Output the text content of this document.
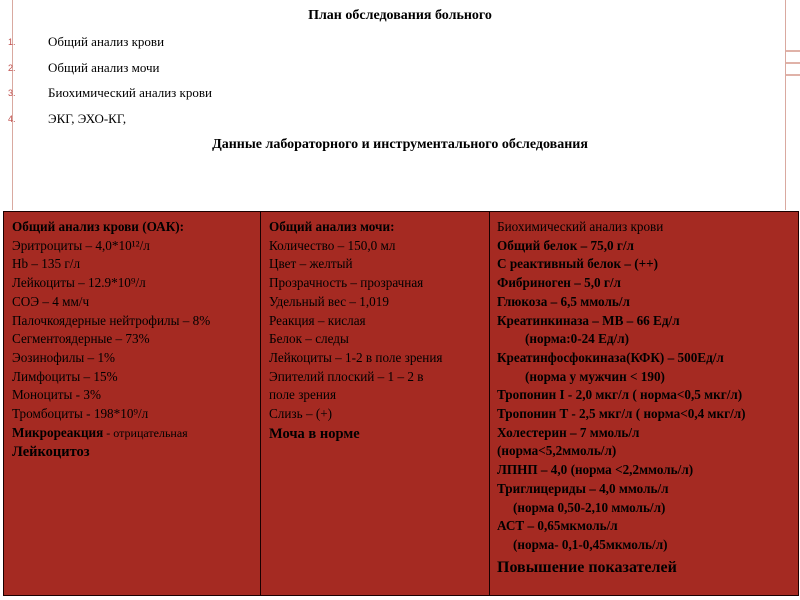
План обследования больного
1. Общий анализ крови
2. Общий анализ мочи
3. Биохимический анализ крови
4. ЭКГ, ЭХО-КГ,
Данные лабораторного и инструментального обследования
Общий анализ крови (ОАК):
Эритроциты – 4,0*10¹²/л
Hb – 135 г/л
Лейкоциты – 12.9*10⁹/л
СОЭ – 4 мм/ч
Палочкоядерные нейтрофилы – 8%
Сегментоядерные – 73%
Эозинофилы – 1%
Лимфоциты – 15%
Моноциты - 3%
Тромбоциты - 198*10⁹/л
Микрореакция - отрицательная
Лейкоцитоз
Общий анализ мочи:
Количество – 150,0 мл
Цвет – желтый
Прозрачность – прозрачная
Удельный вес – 1,019
Реакция – кислая
Белок – следы
Лейкоциты – 1-2 в поле зрения
Эпителий плоский – 1 – 2 в
поле зрения
Слизь – (+)
Моча в норме
Биохимический анализ крови
Общий белок – 75,0 г/л
С реактивный белок – (++)
Фибриноген – 5,0 г/л
Глюкоза – 6,5 ммоль/л
Креатинкиназа – МВ – 66 Ед/л
(норма:0-24 Ед/л)
Креатинфосфокиназа(КФК) – 500Ед/л
(норма у мужчин < 190)
Тропонин I - 2,0 мкг/л ( норма<0,5 мкг/л)
Тропонин T - 2,5 мкг/л ( норма<0,4 мкг/л)
Холестерин – 7 ммоль/л
(норма<5,2ммоль/л)
ЛПНП – 4,0 (норма <2,2ммоль/л)
Триглицериды – 4,0 ммоль/л
(норма 0,50-2,10 ммоль/л)
АСТ – 0,65мкмоль/л
(норма- 0,1-0,45мкмоль/л)
Повышение показателей
